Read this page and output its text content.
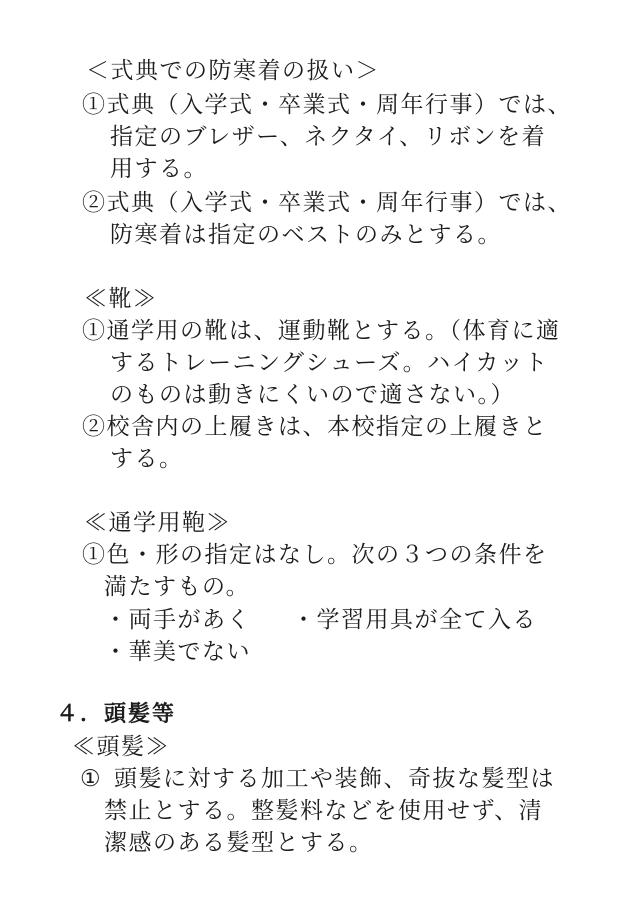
＜式典での防寒着の扱い＞
①式典（入学式・卒業式・周年行事）では、
指定のブレザー、ネクタイ、リボンを着
用する。
②式典（入学式・卒業式・周年行事）では、
防寒着は指定のベストのみとする。
≪靴≫
①通学用の靴は、運動靴とする。（体育に適
するトレーニングシューズ。ハイカット
のものは動きにくいので適さない。）
②校舎内の上履きは、本校指定の上履きと
する。
≪通学用鞄≫
①色・形の指定はなし。次の３つの条件を
満たすもの。
・両手があく ・学習用具が全て入る
・華美でない
４．頭髪等
≪頭髪≫
① 頭髪に対する加工や装飾、奇抜な髪型は
禁止とする。整髪料などを使用せず、清
潔感のある髪型とする。
